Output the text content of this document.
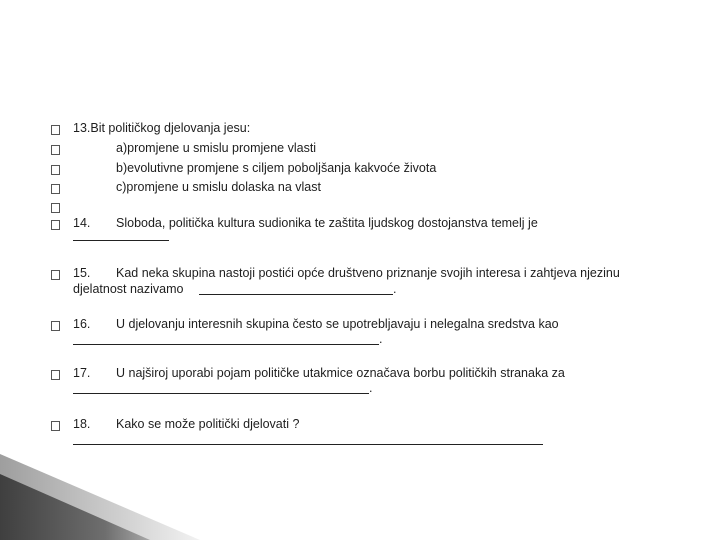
13.Bit političkog djelovanja jesu:
a)promjene u smislu promjene vlasti
b)evolutivne promjene s ciljem poboljšanja kakvoće života
c)promjene u smislu dolaska na vlast
14. Sloboda, politička kultura sudionika te zaštita ljudskog dostojanstva temelj je
15. Kad neka skupina nastoji postići opće društveno priznanje svojih interesa i zahtjeva njezinu
djelatnost nazivamo	.
16. U djelovanju interesnih skupina često se upotrebljavaju i nelegalna sredstva kao
.
17. U najširoj uporabi pojam političke utakmice označava borbu političkih stranaka za
.
18. Kako se može politički djelovati ?
